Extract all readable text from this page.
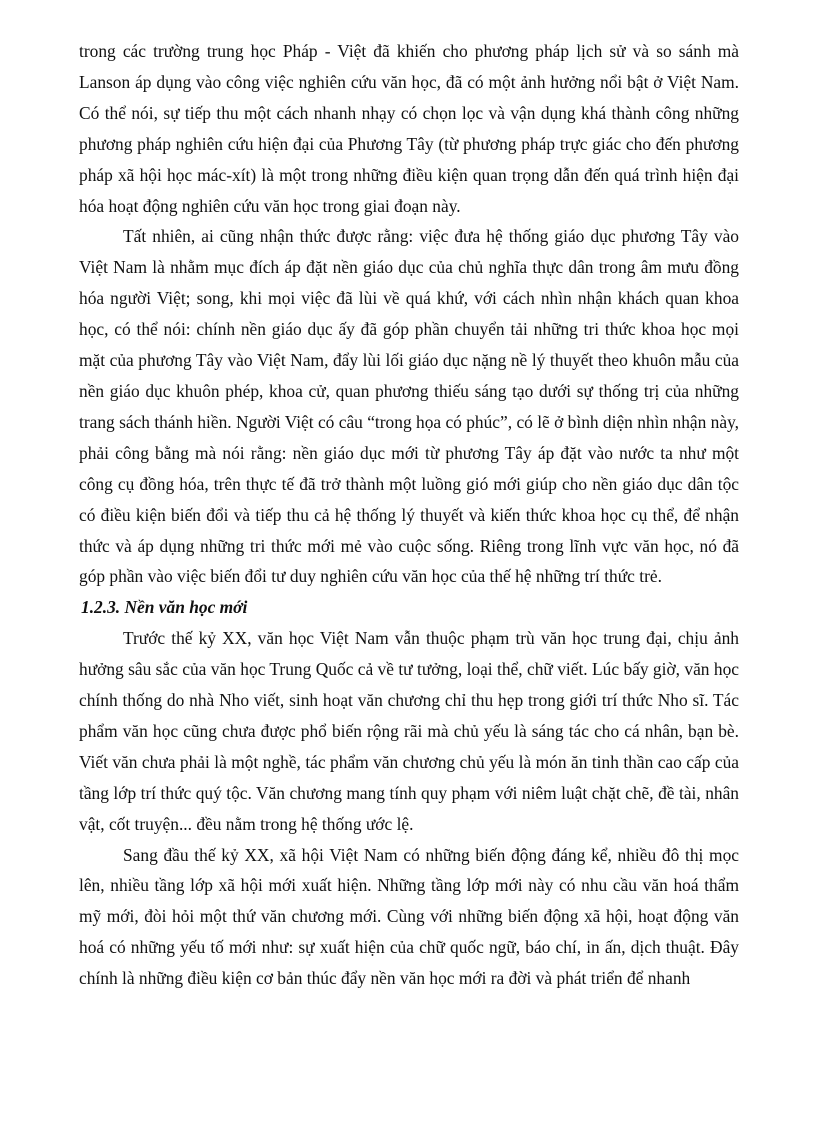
trong các trường trung học Pháp - Việt đã khiến cho phương pháp lịch sử và so sánh mà Lanson áp dụng vào công việc nghiên cứu văn học, đã có một ảnh hưởng nổi bật ở Việt Nam. Có thể nói, sự tiếp thu một cách nhanh nhạy có chọn lọc và vận dụng khá thành công những phương pháp nghiên cứu hiện đại của Phương Tây (từ phương pháp trực giác cho đến phương pháp xã hội học mác-xít) là một trong những điều kiện quan trọng dẫn đến quá trình hiện đại hóa hoạt động nghiên cứu văn học trong giai đoạn này.

Tất nhiên, ai cũng nhận thức được rằng: việc đưa hệ thống giáo dục phương Tây vào Việt Nam là nhằm mục đích áp đặt nền giáo dục của chủ nghĩa thực dân trong âm mưu đồng hóa người Việt; song, khi mọi việc đã lùi về quá khứ, với cách nhìn nhận khách quan khoa học, có thể nói: chính nền giáo dục ấy đã góp phần chuyển tải những tri thức khoa học mọi mặt của phương Tây vào Việt Nam, đẩy lùi lối giáo dục nặng nề lý thuyết theo khuôn mẫu của nền giáo dục khuôn phép, khoa cử, quan phương thiếu sáng tạo dưới sự thống trị của những trang sách thánh hiền. Người Việt có câu “trong họa có phúc”, có lẽ ở bình diện nhìn nhận này, phải công bằng mà nói rằng: nền giáo dục mới từ phương Tây áp đặt vào nước ta như một công cụ đồng hóa, trên thực tế đã trở thành một luồng gió mới giúp cho nền giáo dục dân tộc có điều kiện biến đổi và tiếp thu cả hệ thống lý thuyết và kiến thức khoa học cụ thể, để nhận thức và áp dụng những tri thức mới mẻ vào cuộc sống. Riêng trong lĩnh vực văn học, nó đã góp phần vào việc biến đổi tư duy nghiên cứu văn học của thế hệ những trí thức trẻ.

1.2.3. Nền văn học mới

Trước thế kỷ XX, văn học Việt Nam vẫn thuộc phạm trù văn học trung đại, chịu ảnh hưởng sâu sắc của văn học Trung Quốc cả về tư tưởng, loại thể, chữ viết. Lúc bấy giờ, văn học chính thống do nhà Nho viết, sinh hoạt văn chương chỉ thu hẹp trong giới trí thức Nho sĩ. Tác phẩm văn học cũng chưa được phổ biến rộng rãi mà chủ yếu là sáng tác cho cá nhân, bạn bè. Viết văn chưa phải là một nghề, tác phẩm văn chương chủ yếu là món ăn tinh thần cao cấp của tầng lớp trí thức quý tộc. Văn chương mang tính quy phạm với niêm luật chặt chẽ, đề tài, nhân vật, cốt truyện... đều nằm trong hệ thống ước lệ.

Sang đầu thế kỷ XX, xã hội Việt Nam có những biến động đáng kể, nhiều đô thị mọc lên, nhiều tầng lớp xã hội mới xuất hiện. Những tầng lớp mới này có nhu cầu văn hoá thẩm mỹ mới, đòi hỏi một thứ văn chương mới. Cùng với những biến động xã hội, hoạt động văn hoá có những yếu tố mới như: sự xuất hiện của chữ quốc ngữ, báo chí, in ấn, dịch thuật. Đây chính là những điều kiện cơ bản thúc đẩy nền văn học mới ra đời và phát triển để nhanh
